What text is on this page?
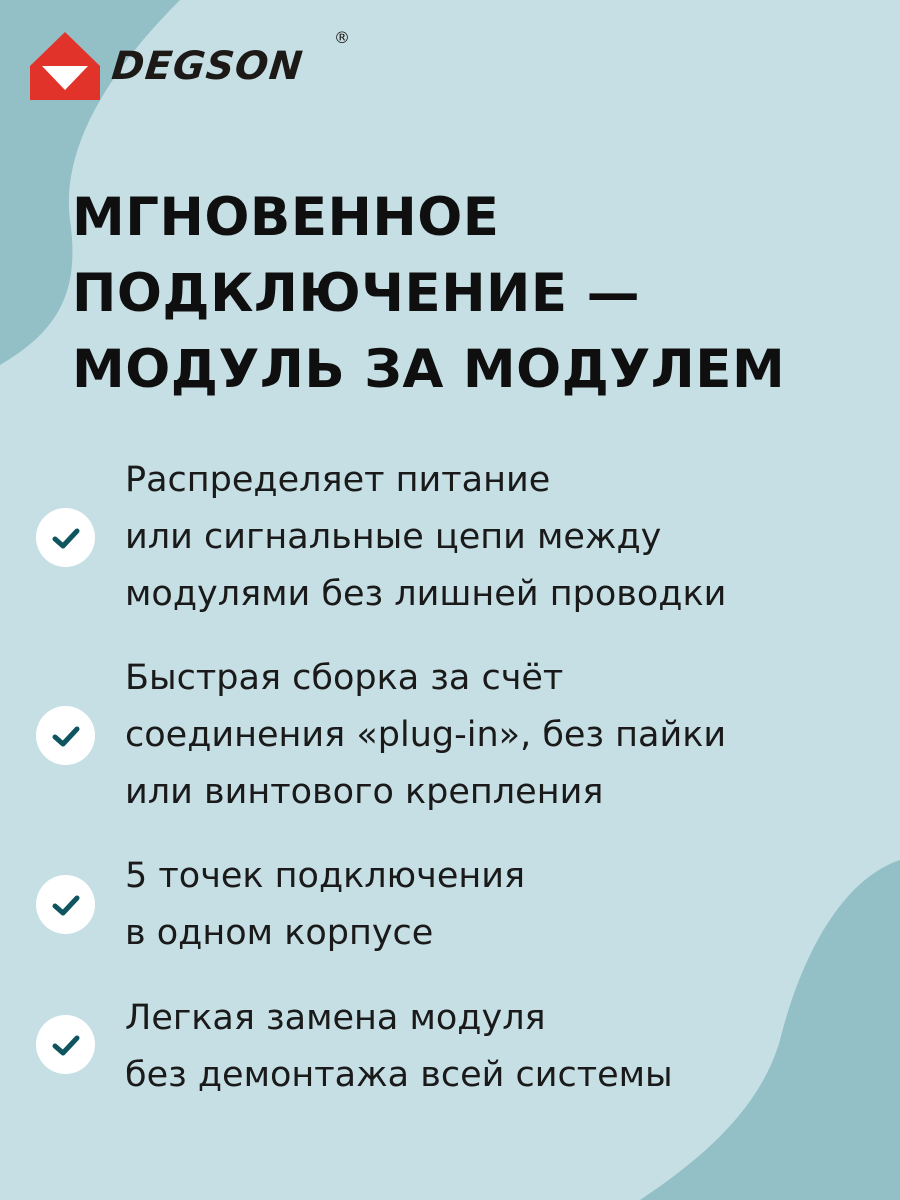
DEGSON
®
МГНОВЕННОЕ
ПОДКЛЮЧЕНИЕ —
МОДУЛЬ ЗА МОДУЛЕМ

Распределяет питание
или сигнальные цепи между
модулями без лишней проводки

Быстрая сборка за счёт
соединения «plug-in», без пайки
или винтового крепления

5 точек подключения
в одном корпусе

Легкая замена модуля
без демонтажа всей системы
